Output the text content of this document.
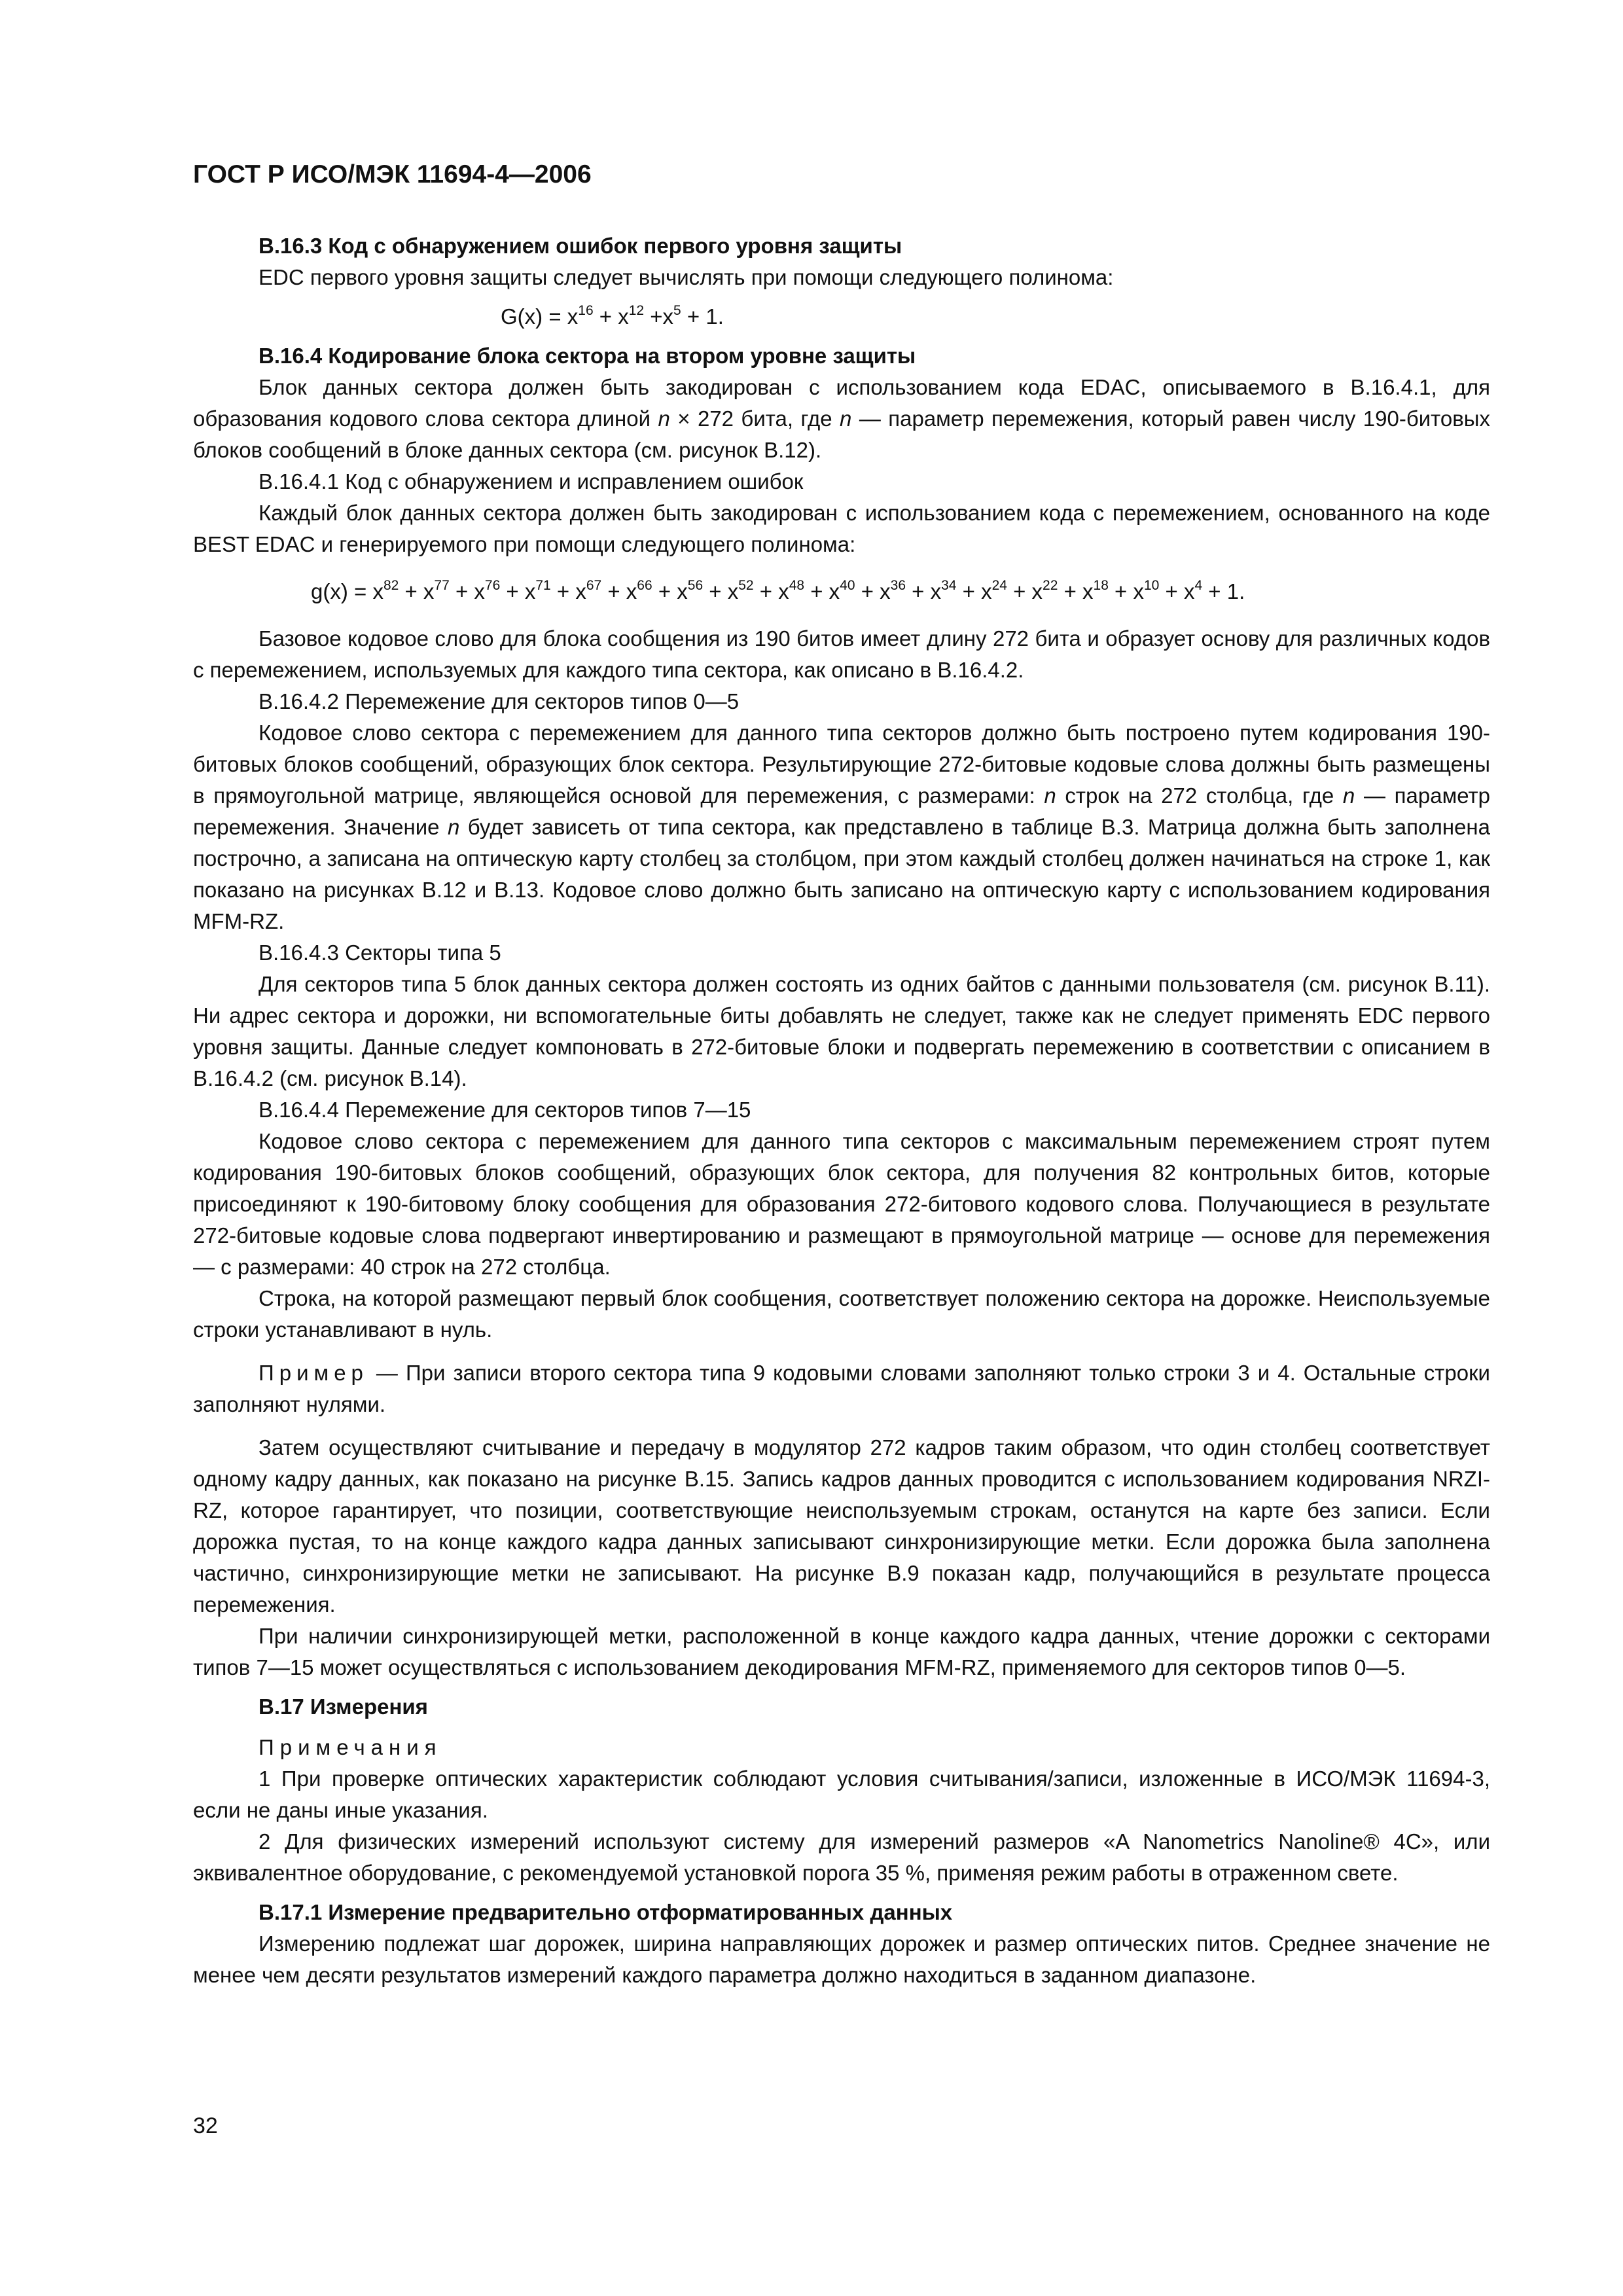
ГОСТ Р ИСО/МЭК 11694-4—2006

В.16.3 Код с обнаружением ошибок первого уровня защиты

EDC первого уровня защиты следует вычислять при помощи следующего полинома:

$G(x) = x^{16} + x^{12} +x^5 + 1$.

В.16.4 Кодирование блока сектора на втором уровне защиты

Блок данных сектора должен быть закодирован с использованием кода EDAC, описываемого в В.16.4.1, для образования кодового слова сектора длиной n × 272 бита, где n — параметр перемежения, который равен числу 190-битовых блоков сообщений в блоке данных сектора (см. рисунок В.12).

В.16.4.1 Код с обнаружением и исправлением ошибок

Каждый блок данных сектора должен быть закодирован с использованием кода с перемежением, основанного на коде BEST EDAC и генерируемого при помощи следующего полинома:

$g(x) = x^{82} + x^{77} + x^{76} + x^{71} + x^{67} + x^{66} + x^{56} + x^{52} + x^{48} + x^{40} + x^{36} + x^{34} + x^{24} + x^{22} + x^{18} + x^{10} + x^4 + 1$.

Базовое кодовое слово для блока сообщения из 190 битов имеет длину 272 бита и образует основу для различных кодов с перемежением, используемых для каждого типа сектора, как описано в В.16.4.2.

В.16.4.2 Перемежение для секторов типов 0—5

Кодовое слово сектора с перемежением для данного типа секторов должно быть построено путем кодирования 190-битовых блоков сообщений, образующих блок сектора. Результирующие 272-битовые кодовые слова должны быть размещены в прямоугольной матрице, являющейся основой для перемежения, с размерами: n строк на 272 столбца, где n — параметр перемежения. Значение n будет зависеть от типа сектора, как представлено в таблице В.3. Матрица должна быть заполнена построчно, а записана на оптическую карту столбец за столбцом, при этом каждый столбец должен начинаться на строке 1, как показано на рисунках В.12 и В.13. Кодовое слово должно быть записано на оптическую карту с использованием кодирования MFM-RZ.

В.16.4.3 Секторы типа 5

Для секторов типа 5 блок данных сектора должен состоять из одних байтов с данными пользователя (см. рисунок В.11). Ни адрес сектора и дорожки, ни вспомогательные биты добавлять не следует, также как не следует применять EDC первого уровня защиты. Данные следует компоновать в 272-битовые блоки и подвергать перемежению в соответствии с описанием в В.16.4.2 (см. рисунок В.14).

В.16.4.4 Перемежение для секторов типов 7—15

Кодовое слово сектора с перемежением для данного типа секторов с максимальным перемежением строят путем кодирования 190-битовых блоков сообщений, образующих блок сектора, для получения 82 контрольных битов, которые присоединяют к 190-битовому блоку сообщения для образования 272-битового кодового слова. Получающиеся в результате 272-битовые кодовые слова подвергают инвертированию и размещают в прямоугольной матрице — основе для перемежения — с размерами: 40 строк на 272 столбца.

Строка, на которой размещают первый блок сообщения, соответствует положению сектора на дорожке. Неиспользуемые строки устанавливают в нуль.

Пример — При записи второго сектора типа 9 кодовыми словами заполняют только строки 3 и 4. Остальные строки заполняют нулями.

Затем осуществляют считывание и передачу в модулятор 272 кадров таким образом, что один столбец соответствует одному кадру данных, как показано на рисунке В.15. Запись кадров данных проводится с использованием кодирования NRZI-RZ, которое гарантирует, что позиции, соответствующие неиспользуемым строкам, останутся на карте без записи. Если дорожка пустая, то на конце каждого кадра данных записывают синхронизирующие метки. Если дорожка была заполнена частично, синхронизирующие метки не записывают. На рисунке В.9 показан кадр, получающийся в результате процесса перемежения.

При наличии синхронизирующей метки, расположенной в конце каждого кадра данных, чтение дорожки с секторами типов 7—15 может осуществляться с использованием декодирования MFM-RZ, применяемого для секторов типов 0—5.

В.17 Измерения

Примечания

1 При проверке оптических характеристик соблюдают условия считывания/записи, изложенные в ИСО/МЭК 11694-3, если не даны иные указания.

2 Для физических измерений используют систему для измерений размеров «A Nanometrics Nanoline® 4C», или эквивалентное оборудование, с рекомендуемой установкой порога 35 %, применяя режим работы в отраженном свете.

В.17.1 Измерение предварительно отформатированных данных

Измерению подлежат шаг дорожек, ширина направляющих дорожек и размер оптических питов. Среднее значение не менее чем десяти результатов измерений каждого параметра должно находиться в заданном диапазоне.

32
